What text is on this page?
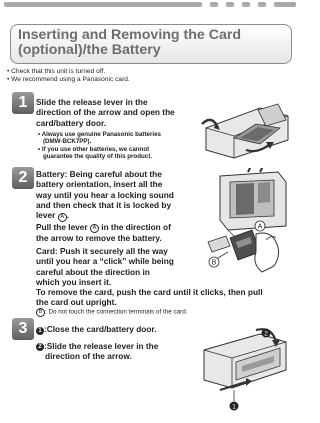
Inserting and Removing the Card
(optional)/the Battery
• Check that this unit is turned off.
• We recommend using a Panasonic card.
1	Slide the release lever in the
direction of the arrow and open the
card/battery door.
• Always use genuine Panasonic batteries
(DMW-BCK7PP).
• If you use other batteries, we cannot
guarantee the quality of this product.
2	Battery: Being careful about the
battery orientation, insert all the
way until you hear a locking sound
and then check that it is locked by
lever A .
Pull the lever A in the direction of
the arrow to remove the battery.
Card: Push it securely all the way
until you hear a “click” while being
careful about the direction in
which you insert it.
To remove the card, push the card until it clicks, then pull
the card out upright.
B : Do not touch the connection terminals of the card.
A
B
3	1 :Close the card/battery door.
2 :Slide the release lever in the
direction of the arrow.
2
1
